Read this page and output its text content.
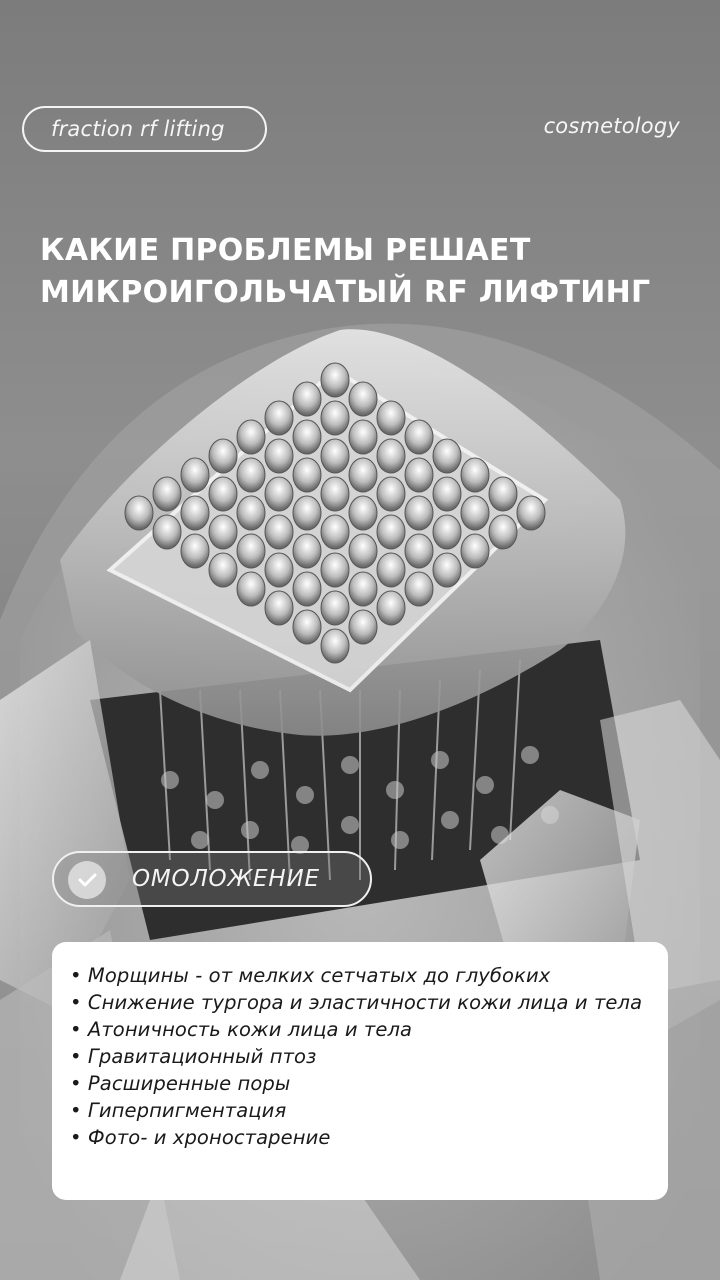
fraction rf lifting	cosmetology
КАКИЕ ПРОБЛЕМЫ РЕШАЕТ
МИКРОИГОЛЬЧАТЫЙ RF ЛИФТИНГ
ОМОЛОЖЕНИЕ
• Морщины - от мелких сетчатых до глубоких
• Снижение тургора и эластичности кожи лица и тела
• Атоничность кожи лица и тела
• Гравитационный птоз
• Расширенные поры
• Гиперпигментация
• Фото- и хроностарение
